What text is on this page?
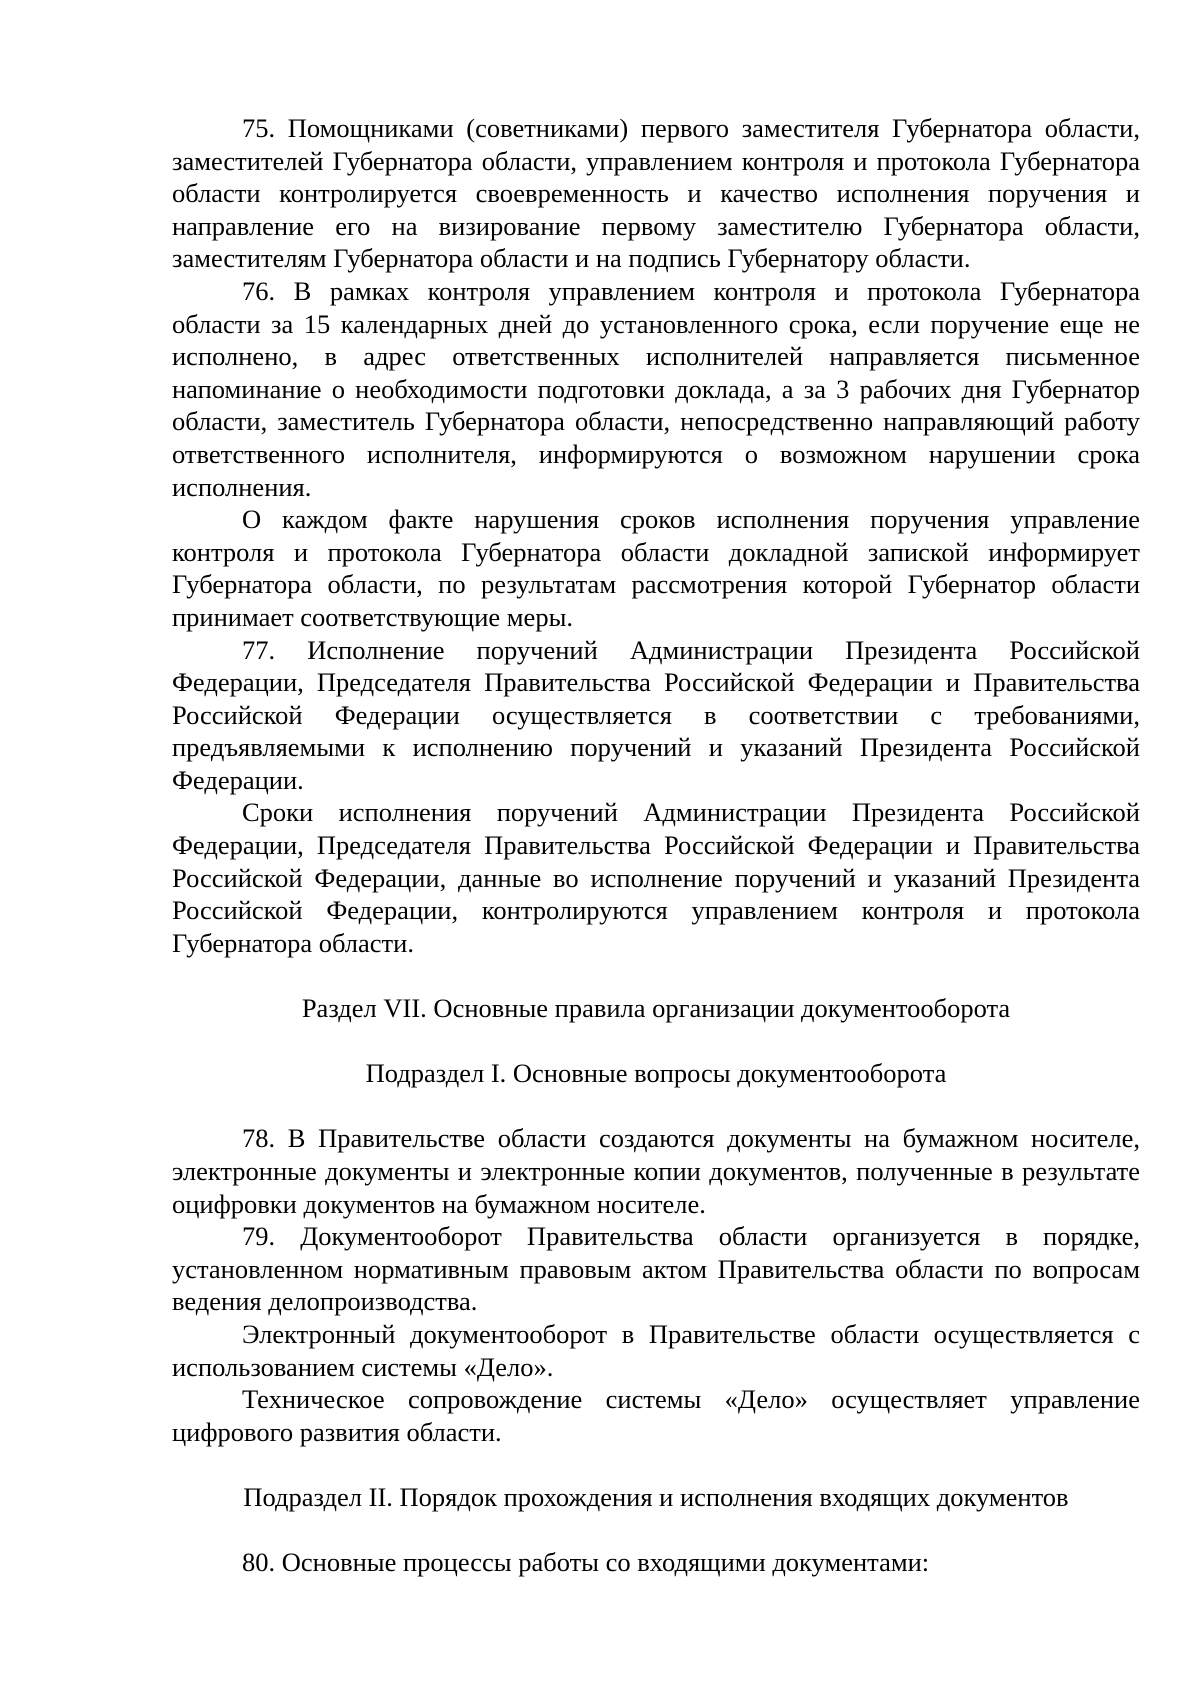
75. Помощниками (советниками) первого заместителя Губернатора области, заместителей Губернатора области, управлением контроля и протокола Губернатора области контролируется своевременность и качество исполнения поручения и направление его на визирование первому заместителю Губернатора области, заместителям Губернатора области и на подпись Губернатору области.

76. В рамках контроля управлением контроля и протокола Губернатора области за 15 календарных дней до установленного срока, если поручение еще не исполнено, в адрес ответственных исполнителей направляется письменное напоминание о необходимости подготовки доклада, а за 3 рабочих дня Губернатор области, заместитель Губернатора области, непосредственно направляющий работу ответственного исполнителя, информируются о возможном нарушении срока исполнения.

О каждом факте нарушения сроков исполнения поручения управление контроля и протокола Губернатора области докладной запиской информирует Губернатора области, по результатам рассмотрения которой Губернатор области принимает соответствующие меры.

77. Исполнение поручений Администрации Президента Российской Федерации, Председателя Правительства Российской Федерации и Правительства Российской Федерации осуществляется в соответствии с требованиями, предъявляемыми к исполнению поручений и указаний Президента Российской Федерации.

Сроки исполнения поручений Администрации Президента Российской Федерации, Председателя Правительства Российской Федерации и Правительства Российской Федерации, данные во исполнение поручений и указаний Президента Российской Федерации, контролируются управлением контроля и протокола Губернатора области.

Раздел VII. Основные правила организации документооборота

Подраздел I. Основные вопросы документооборота

78. В Правительстве области создаются документы на бумажном носителе, электронные документы и электронные копии документов, полученные в результате оцифровки документов на бумажном носителе.

79. Документооборот Правительства области организуется в порядке, установленном нормативным правовым актом Правительства области по вопросам ведения делопроизводства.

Электронный документооборот в Правительстве области осуществляется с использованием системы «Дело».

Техническое сопровождение системы «Дело» осуществляет управление цифрового развития области.

Подраздел II. Порядок прохождения и исполнения входящих документов

80. Основные процессы работы со входящими документами:
